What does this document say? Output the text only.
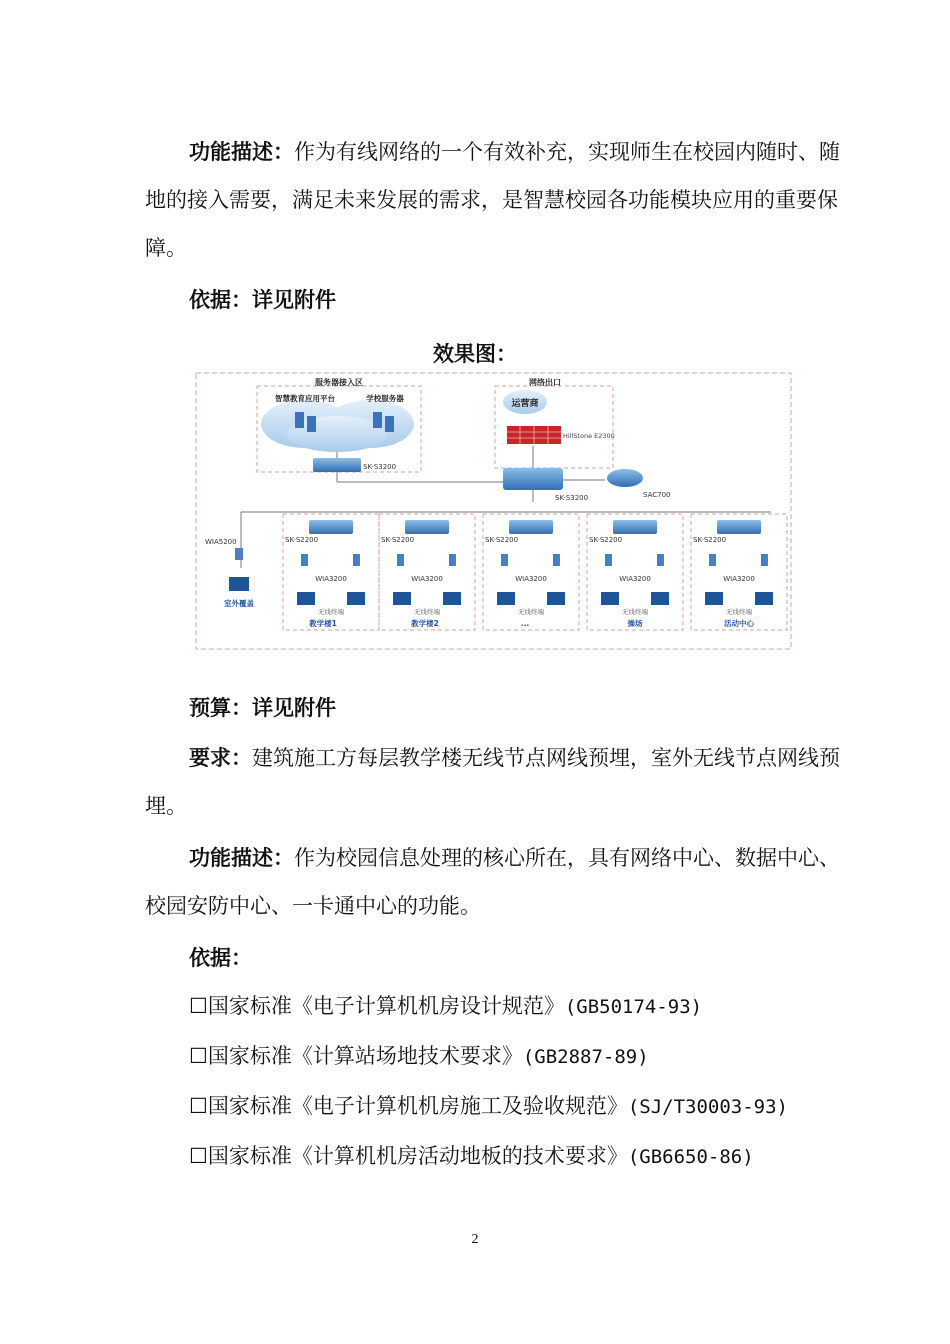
功能描述：作为有线网络的一个有效补充，实现师生在校园内随时、随地的接入需要，满足未来发展的需求，是智慧校园各功能模块应用的重要保障。

依据：详见附件

效果图：
服务器接入区	网络出口
智慧教育应用平台	学校服务器
运营商
HillStone E2300
SK-S3200
SK-S3200	SAC700
WIA5200
室外覆盖
SK-S2200
WIA3200
无线终端
教学楼1
SK-S2200
WIA3200
无线终端
教学楼2
SK-S2200
WIA3200
无线终端
...
SK-S2200
WIA3200
无线终端
操场
SK-S2200
WIA3200
无线终端
活动中心

预算：详见附件

要求：建筑施工方每层教学楼无线节点网线预埋，室外无线节点网线预埋。

功能描述：作为校园信息处理的核心所在，具有网络中心、数据中心、校园安防中心、一卡通中心的功能。

依据：

☐国家标准《电子计算机机房设计规范》(GB50174-93)

☐国家标准《计算站场地技术要求》(GB2887-89)

☐国家标准《电子计算机机房施工及验收规范》(SJ/T30003-93)

☐国家标准《计算机机房活动地板的技术要求》(GB6650-86)

2
